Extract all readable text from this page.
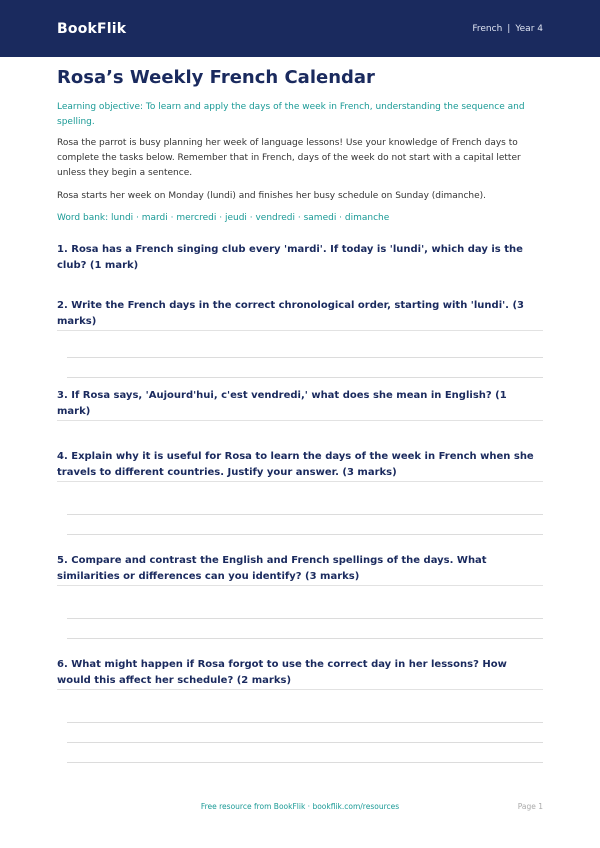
BookFlik	French | Year 4
Rosa’s Weekly French Calendar

Learning objective: To learn and apply the days of the week in French, understanding the sequence and spelling.

Rosa the parrot is busy planning her week of language lessons! Use your knowledge of French days to complete the tasks below. Remember that in French, days of the week do not start with a capital letter unless they begin a sentence.

Rosa starts her week on Monday (lundi) and finishes her busy schedule on Sunday (dimanche).

Word bank: lundi · mardi · mercredi · jeudi · vendredi · samedi · dimanche

1. Rosa has a French singing club every 'mardi'. If today is 'lundi', which day is the club? (1 mark)

2. Write the French days in the correct chronological order, starting with 'lundi'. (3 marks)

3. If Rosa says, 'Aujourd'hui, c'est vendredi,' what does she mean in English? (1 mark)

4. Explain why it is useful for Rosa to learn the days of the week in French when she travels to different countries. Justify your answer. (3 marks)

5. Compare and contrast the English and French spellings of the days. What similarities or differences can you identify? (3 marks)

6. What might happen if Rosa forgot to use the correct day in her lessons? How would this affect her schedule? (2 marks)

Free resource from BookFlik · bookflik.com/resources	Page 1
